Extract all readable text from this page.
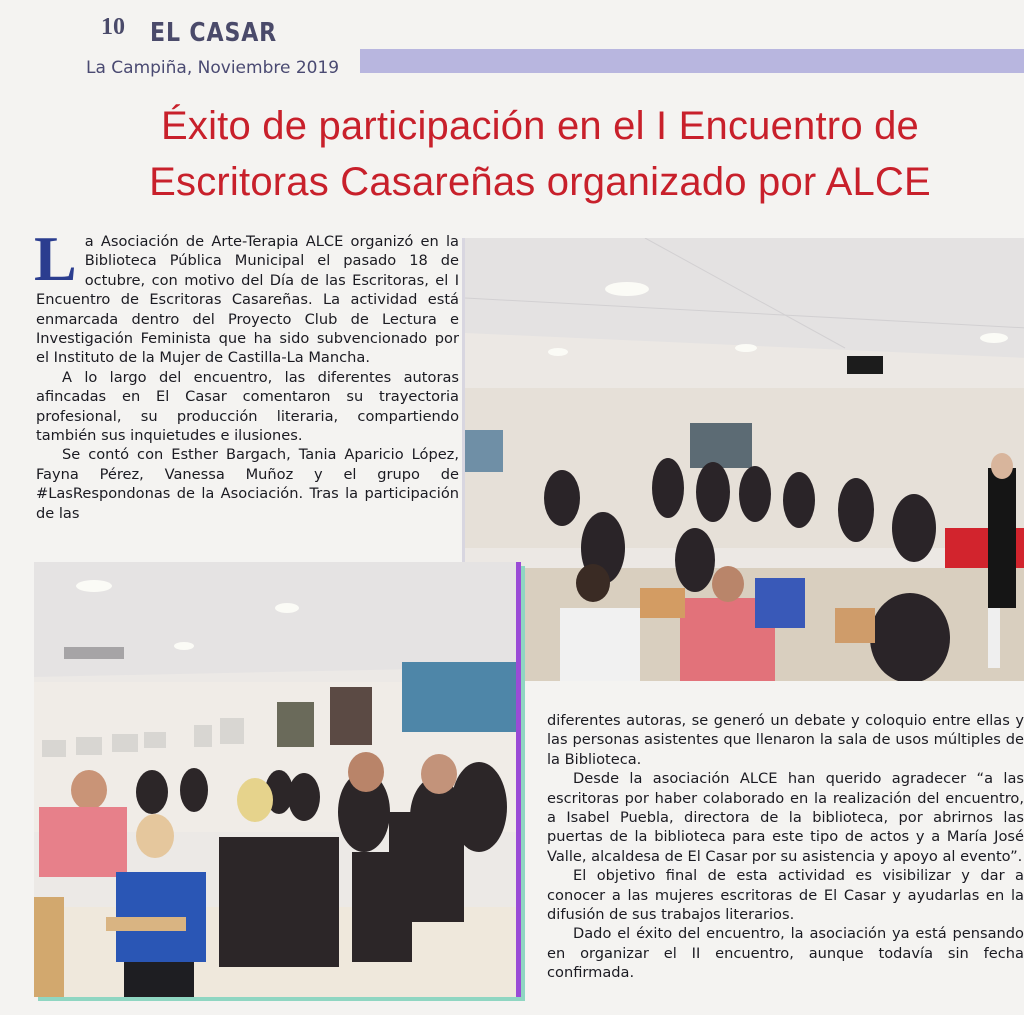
10 EL CASAR
La Campiña, Noviembre 2019
Éxito de participación en el I Encuentro de
Escritoras Casareñas organizado por ALCE

La Asociación de Arte-Terapia ALCE organizó en la Biblioteca Pública Municipal el pasado 18 de octubre, con motivo del Día de las Escritoras, el I Encuentro de Escritoras Casareñas. La actividad está enmarcada dentro del Proyecto Club de Lectura e Investigación Feminista que ha sido subvencionado por el Instituto de la Mujer de Castilla-La Mancha.

A lo largo del encuentro, las diferentes autoras afincadas en El Casar comentaron su trayectoria profesional, su producción literaria, compartiendo también sus inquietudes e ilusiones.

Se contó con Esther Bargach, Tania Aparicio López, Fayna Pérez, Vanessa Muñoz y el grupo de #LasRespondonas de la Asociación. Tras la participación de las

diferentes autoras, se generó un debate y coloquio entre ellas y las personas asistentes que llenaron la sala de usos múltiples de la Biblioteca.

Desde la asociación ALCE han querido agradecer “a las escritoras por haber colaborado en la realización del encuentro, a Isabel Puebla, directora de la biblioteca, por abrirnos las puertas de la biblioteca para este tipo de actos y a María José Valle, alcaldesa de El Casar por su asistencia y apoyo al evento”.

El objetivo final de esta actividad es visibilizar y dar a conocer a las mujeres escritoras de El Casar y ayudarlas en la difusión de sus trabajos literarios.

Dado el éxito del encuentro, la asociación ya está pensando en organizar el II encuentro, aunque todavía sin fecha confirmada.
